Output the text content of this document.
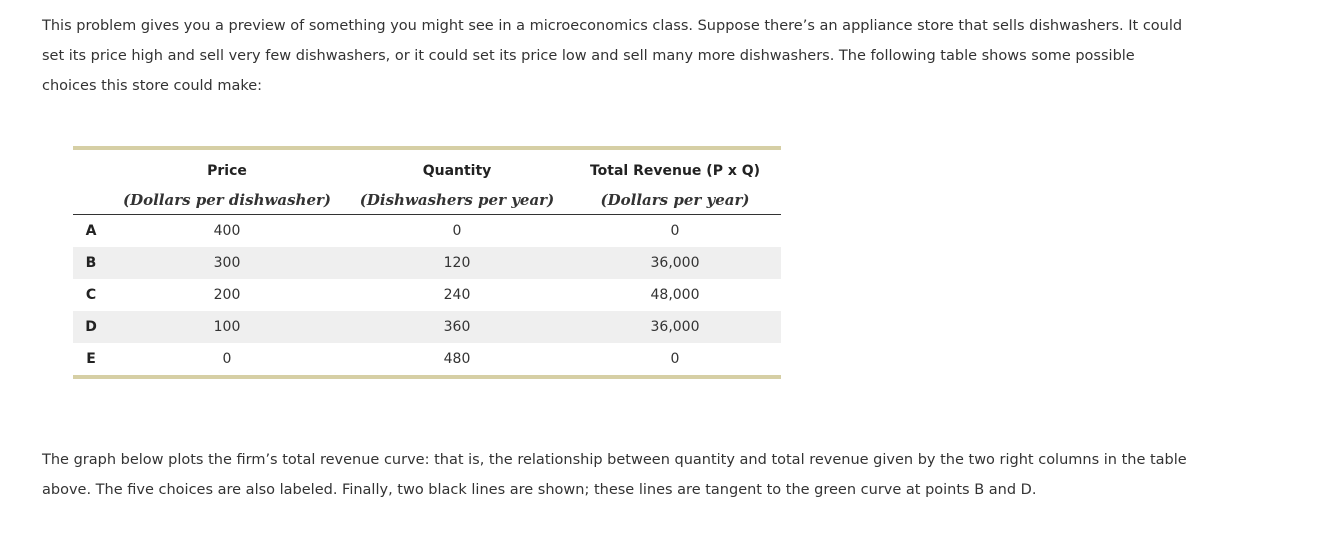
This problem gives you a preview of something you might see in a microeconomics class. Suppose there’s an appliance store that sells dishwashers. It could set its price high and sell very few dishwashers, or it could set its price low and sell many more dishwashers. The following table shows some possible choices this store could make:

	Price	Quantity	Total Revenue (P x Q)
	(Dollars per dishwasher)	(Dishwashers per year)	(Dollars per year)
A	400	0	0
B	300	120	36,000
C	200	240	48,000
D	100	360	36,000
E	0	480	0

The graph below plots the firm’s total revenue curve: that is, the relationship between quantity and total revenue given by the two right columns in the table above. The five choices are also labeled. Finally, two black lines are shown; these lines are tangent to the green curve at points B and D.
